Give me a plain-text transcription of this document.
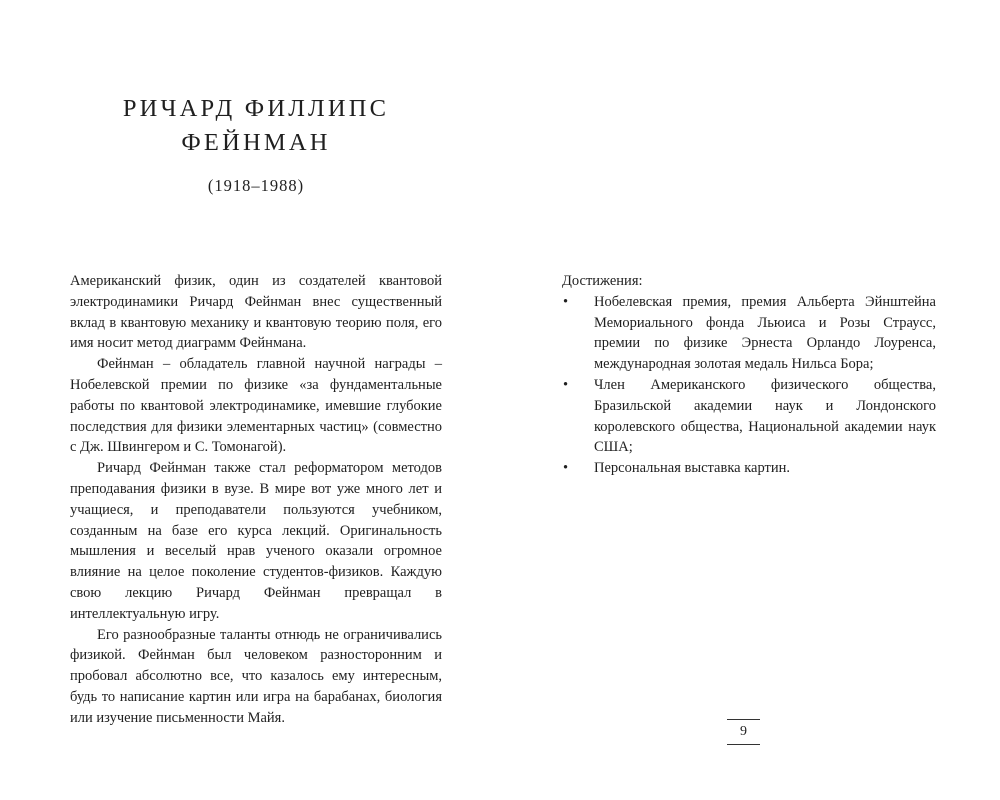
РИЧАРД ФИЛЛИПС
ФЕЙНМАН
(1918–1988)

Американский физик, один из создателей квантовой электродинамики Ричард Фейнман внес существенный вклад в квантовую механику и квантовую теорию поля, его имя носит метод диаграмм Фейнмана.

Фейнман – обладатель главной научной награды – Нобелевской премии по физике «за фундаментальные работы по квантовой электродинамике, имевшие глубокие последствия для физики элементарных частиц» (совместно с Дж. Швингером и С. Томонагой).

Ричард Фейнман также стал реформатором методов преподавания физики в вузе. В мире вот уже много лет и учащиеся, и преподаватели пользуются учебником, созданным на базе его курса лекций. Оригинальность мышления и веселый нрав ученого оказали огромное влияние на целое поколение студентов-физиков. Каждую свою лекцию Ричард Фейнман превращал в интеллектуальную игру.

Его разнообразные таланты отнюдь не ограничивались физикой. Фейнман был человеком разносторонним и пробовал абсолютно все, что казалось ему интересным, будь то написание картин или игра на барабанах, биология или изучение письменности Майя.

Достижения:

• Нобелевская премия, премия Альберта Эйнштейна Мемориального фонда Льюиса и Розы Страусс, премии по физике Эрнеста Орландо Лоуренса, международная золотая медаль Нильса Бора;
• Член Американского физического общества, Бразильской академии наук и Лондонского королевского общества, Национальной академии наук США;
• Персональная выставка картин.
9
